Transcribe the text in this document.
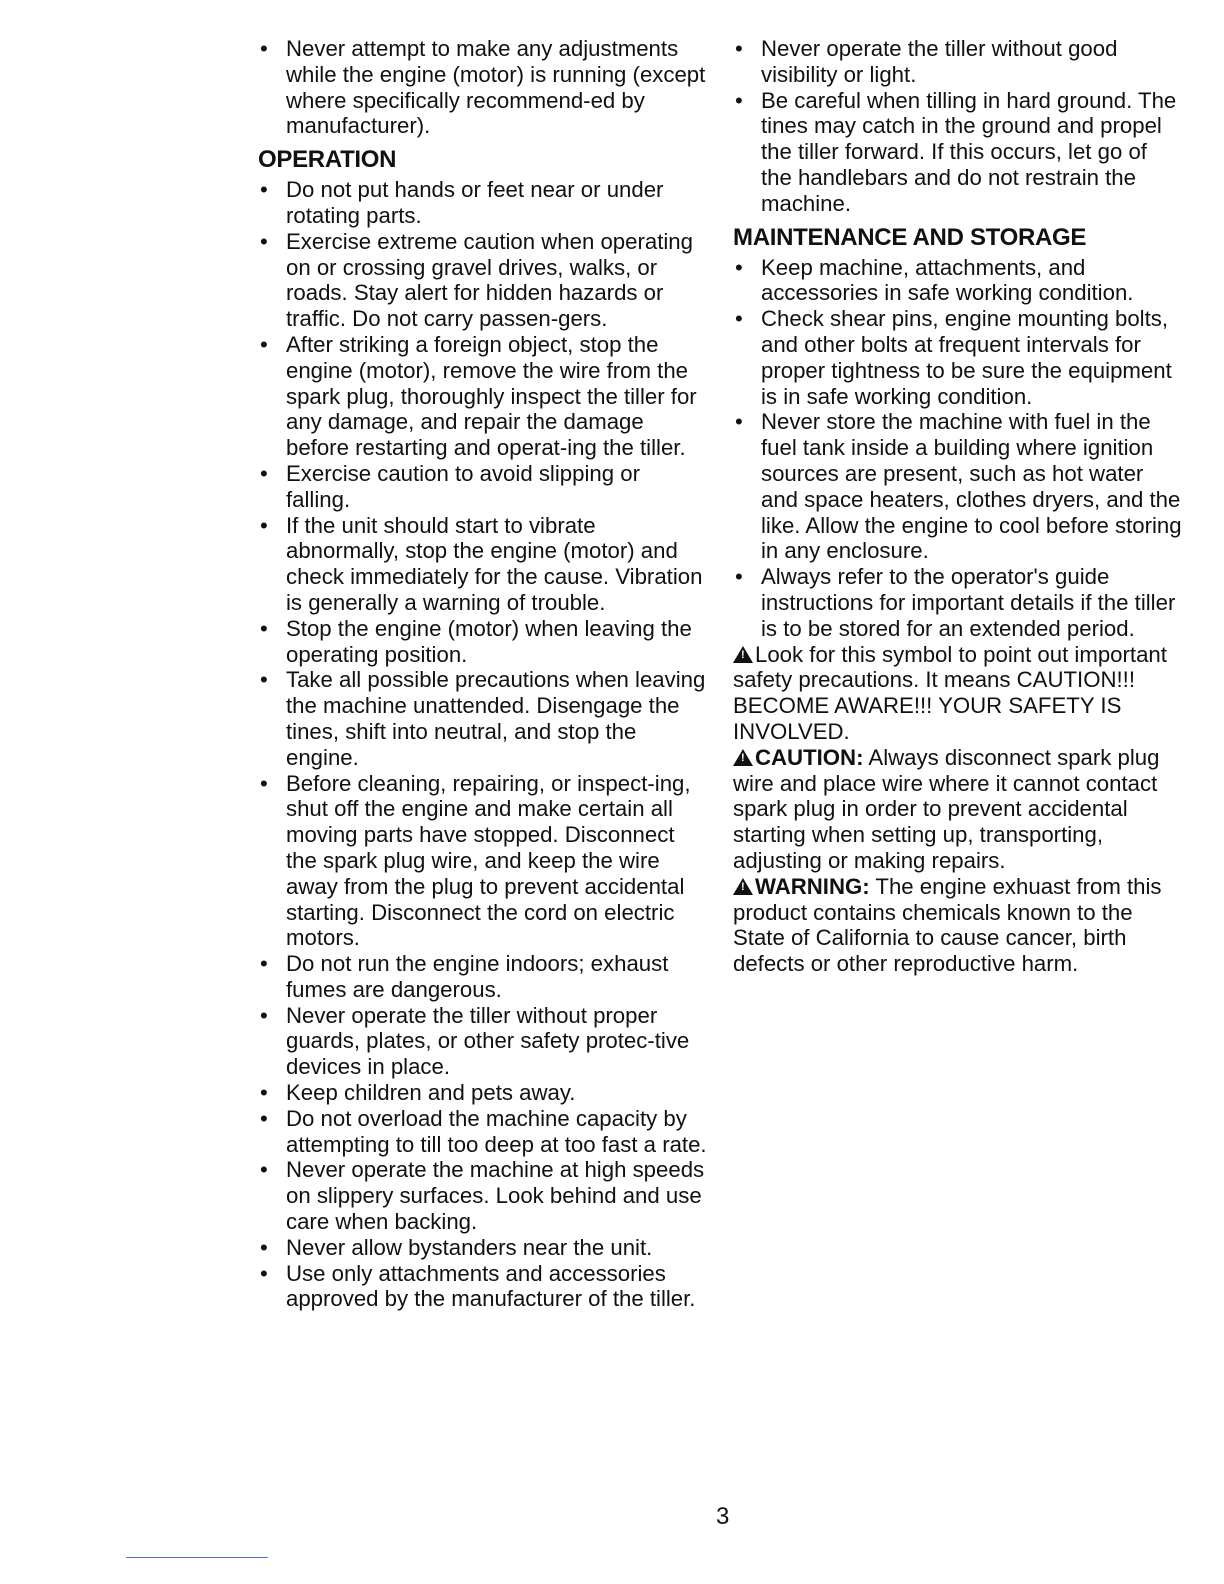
• Never attempt to make any adjustments while the engine (motor) is running (except where specifically recommend-ed by manufacturer).
OPERATION
• Do not put hands or feet near or under rotating parts.
• Exercise extreme caution when operating on or crossing gravel drives, walks, or roads. Stay alert for hidden hazards or traffic. Do not carry passen-gers.
• After striking a foreign object, stop the engine (motor), remove the wire from the spark plug, thoroughly inspect the tiller for any damage, and repair the damage before restarting and operat-ing the tiller.
• Exercise caution to avoid slipping or falling.
• If the unit should start to vibrate abnormally, stop the engine (motor) and check immediately for the cause. Vibration is generally a warning of trouble.
• Stop the engine (motor) when leaving the operating position.
• Take all possible precautions when leaving the machine unattended. Disengage the tines, shift into neutral, and stop the engine.
• Before cleaning, repairing, or inspect-ing, shut off the engine and make certain all moving parts have stopped. Disconnect the spark plug wire, and keep the wire away from the plug to prevent accidental starting. Disconnect the cord on electric motors.
• Do not run the engine indoors; exhaust fumes are dangerous.
• Never operate the tiller without proper guards, plates, or other safety protec-tive devices in place.
• Keep children and pets away.
• Do not overload the machine capacity by attempting to till too deep at too fast a rate.
• Never operate the machine at high speeds on slippery surfaces. Look behind and use care when backing.
• Never allow bystanders near the unit.
• Use only attachments and accessories approved by the manufacturer of the tiller.
• Never operate the tiller without good visibility or light.
• Be careful when tilling in hard ground. The tines may catch in the ground and propel the tiller forward. If this occurs, let go of the handlebars and do not restrain the machine.
MAINTENANCE AND STORAGE
• Keep machine, attachments, and accessories in safe working condition.
• Check shear pins, engine mounting bolts, and other bolts at frequent intervals for proper tightness to be sure the equipment is in safe working condition.
• Never store the machine with fuel in the fuel tank inside a building where ignition sources are present, such as hot water and space heaters, clothes dryers, and the like. Allow the engine to cool before storing in any enclosure.
• Always refer to the operator's guide instructions for important details if the tiller is to be stored for an extended period.

!Look for this symbol to point out important safety precautions. It means CAUTION!!! BECOME AWARE!!! YOUR SAFETY IS INVOLVED.

!CAUTION: Always disconnect spark plug wire and place wire where it cannot contact spark plug in order to prevent accidental starting when setting up, transporting, adjusting or making repairs.

!WARNING: The engine exhuast from this product contains chemicals known to the State of California to cause cancer, birth defects or other reproductive harm.

3
